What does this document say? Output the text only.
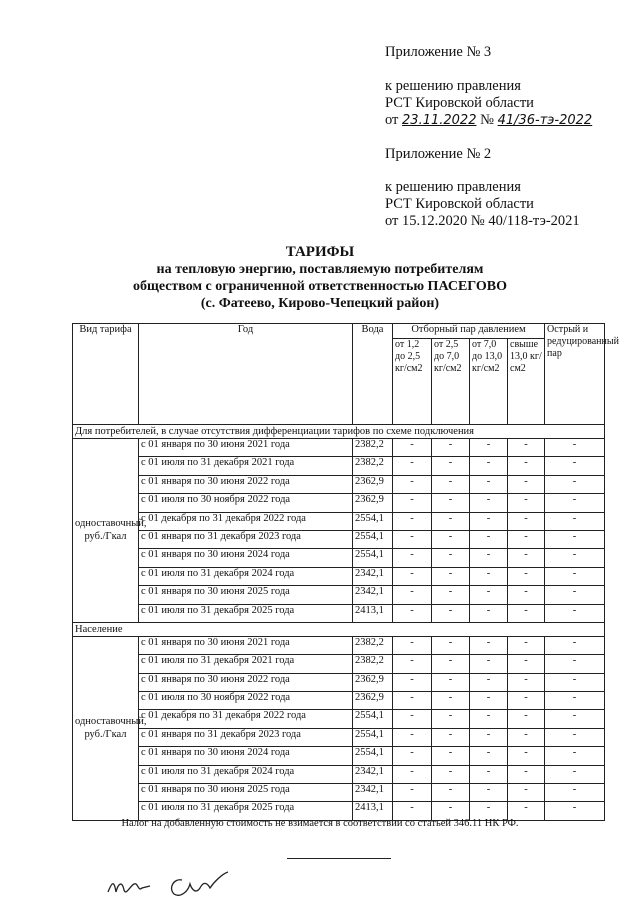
Приложение № 3
к решению правления
РСТ Кировской области
от 23.11.2022 № 41/36-тэ-2022
Приложение № 2
к решению правления
РСТ Кировской области
от 15.12.2020 № 40/118-тэ-2021
ТАРИФЫ
на тепловую энергию, поставляемую потребителям
обществом с ограниченной ответственностью ПАСЕГОВО
(с. Фатеево, Кирово-Чепецкий район)
Вид тарифа	Год	Вода	Отборный пар давлением				Острый и редуцированный пар
			от 1,2 до 2,5 кг/см2	от 2,5 до 7,0 кг/см2	от 7,0 до 13,0 кг/см2	свыше 13,0 кг/см2	
Для потребителей, в случае отсутствия дифференциации тарифов по схеме подключения							
одноставочный, руб./Гкал	с 01 января по 30 июня 2021 года	2382,2	-	-	-	-	-
	с 01 июля по 31 декабря 2021 года	2382,2	-	-	-	-	-
	с 01 января по 30 июня 2022 года	2362,9	-	-	-	-	-
	с 01 июля по 30 ноября 2022 года	2362,9	-	-	-	-	-
	с 01 декабря по 31 декабря 2022 года	2554,1	-	-	-	-	-
	с 01 января по 31 декабря 2023 года	2554,1	-	-	-	-	-
	с 01 января по 30 июня 2024 года	2554,1	-	-	-	-	-
	с 01 июля по 31 декабря 2024 года	2342,1	-	-	-	-	-
	с 01 января по 30 июня 2025 года	2342,1	-	-	-	-	-
	с 01 июля по 31 декабря 2025 года	2413,1	-	-	-	-	-
Население							
одноставочный, руб./Гкал	с 01 января по 30 июня 2021 года	2382,2	-	-	-	-	-
	с 01 июля по 31 декабря 2021 года	2382,2	-	-	-	-	-
	с 01 января по 30 июня 2022 года	2362,9	-	-	-	-	-
	с 01 июля по 30 ноября 2022 года	2362,9	-	-	-	-	-
	с 01 декабря по 31 декабря 2022 года	2554,1	-	-	-	-	-
	с 01 января по 31 декабря 2023 года	2554,1	-	-	-	-	-
	с 01 января по 30 июня 2024 года	2554,1	-	-	-	-	-
	с 01 июля по 31 декабря 2024 года	2342,1	-	-	-	-	-
	с 01 января по 30 июня 2025 года	2342,1	-	-	-	-	-
	с 01 июля по 31 декабря 2025 года	2413,1	-	-	-	-	-
Налог на добавленную стоимость не взимается в соответствии со статьей 346.11 НК РФ.
